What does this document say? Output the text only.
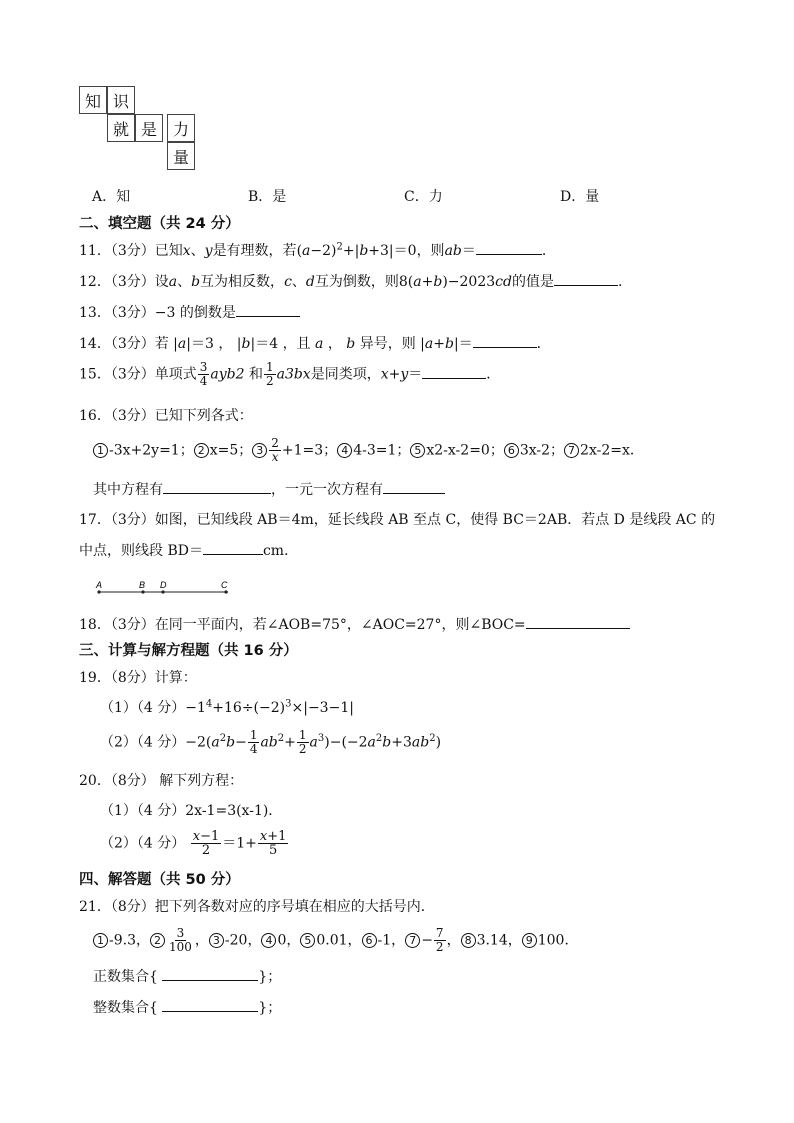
知 识
就 是 力
量
A．知	B．是	C．力	D．量
二、填空题（共 24 分）
11．（3分）已知x、y是有理数，若$(a-2)^2+|b+3|=0$，则ab＝	.
12．（3分）设a、b互为相反数，c、d互为倒数，则8(a+b)−2023cd的值是	.
13．（3分）−3 的倒数是
14．（3分）若 |a|＝3 ， |b|＝4 ，且 a ， b 异号，则 |a+b|＝	．
15．（3分）单项式 $\frac{3}{4} ayb2$ 和 $\frac{1}{2} a3bx$是同类项，x+y＝	．
16．（3分）已知下列各式：
1 -3x+2y=1； 2 x=5； $3 \frac{2}{x} +1=3$； 4 4-3=1； 5 x2-x-2=0； 6 3x-2； 7 2x-2=x．
其中方程有	，一元一次方程有
17．（3分）如图，已知线段 AB＝4m，延长线段 AB 至点 C，使得 BC＝2AB．若点 D 是线段 AC 的
中点，则线段 BD＝	cm．
A	B D	C
18．（3分）在同一平面内，若∠AOB=75°，∠AOC=27°，则∠BOC=
三、计算与解方程题（共 16 分）
19．（8分）计算：
（1）（4 分）$-1^4+16\div(-2)^3\times|-3-1|$
（2）（4 分）$-2(a^2b- \frac{1}{4} ab^2+ \frac{1}{2} a^3)-(-2a^2b+3ab^2)$
20．（8分） 解下列方程：
（1）（4 分）2x-1=3(x-1)．
（2）（4 分） $\frac{x-1}{2} =1+ \frac{x+1}{5}$
四、解答题（共 50 分）
21．（8分）把下列各数对应的序号填在相应的大括号内．
1 -9.3， $2 \frac{3}{100}$ ， 3 -20， 4 0， 5 0.01， 6 -1， $7 - \frac{7}{2}$ ， 8 3.14， 9 100．
正数集合{	}；
整数集合{	}；
